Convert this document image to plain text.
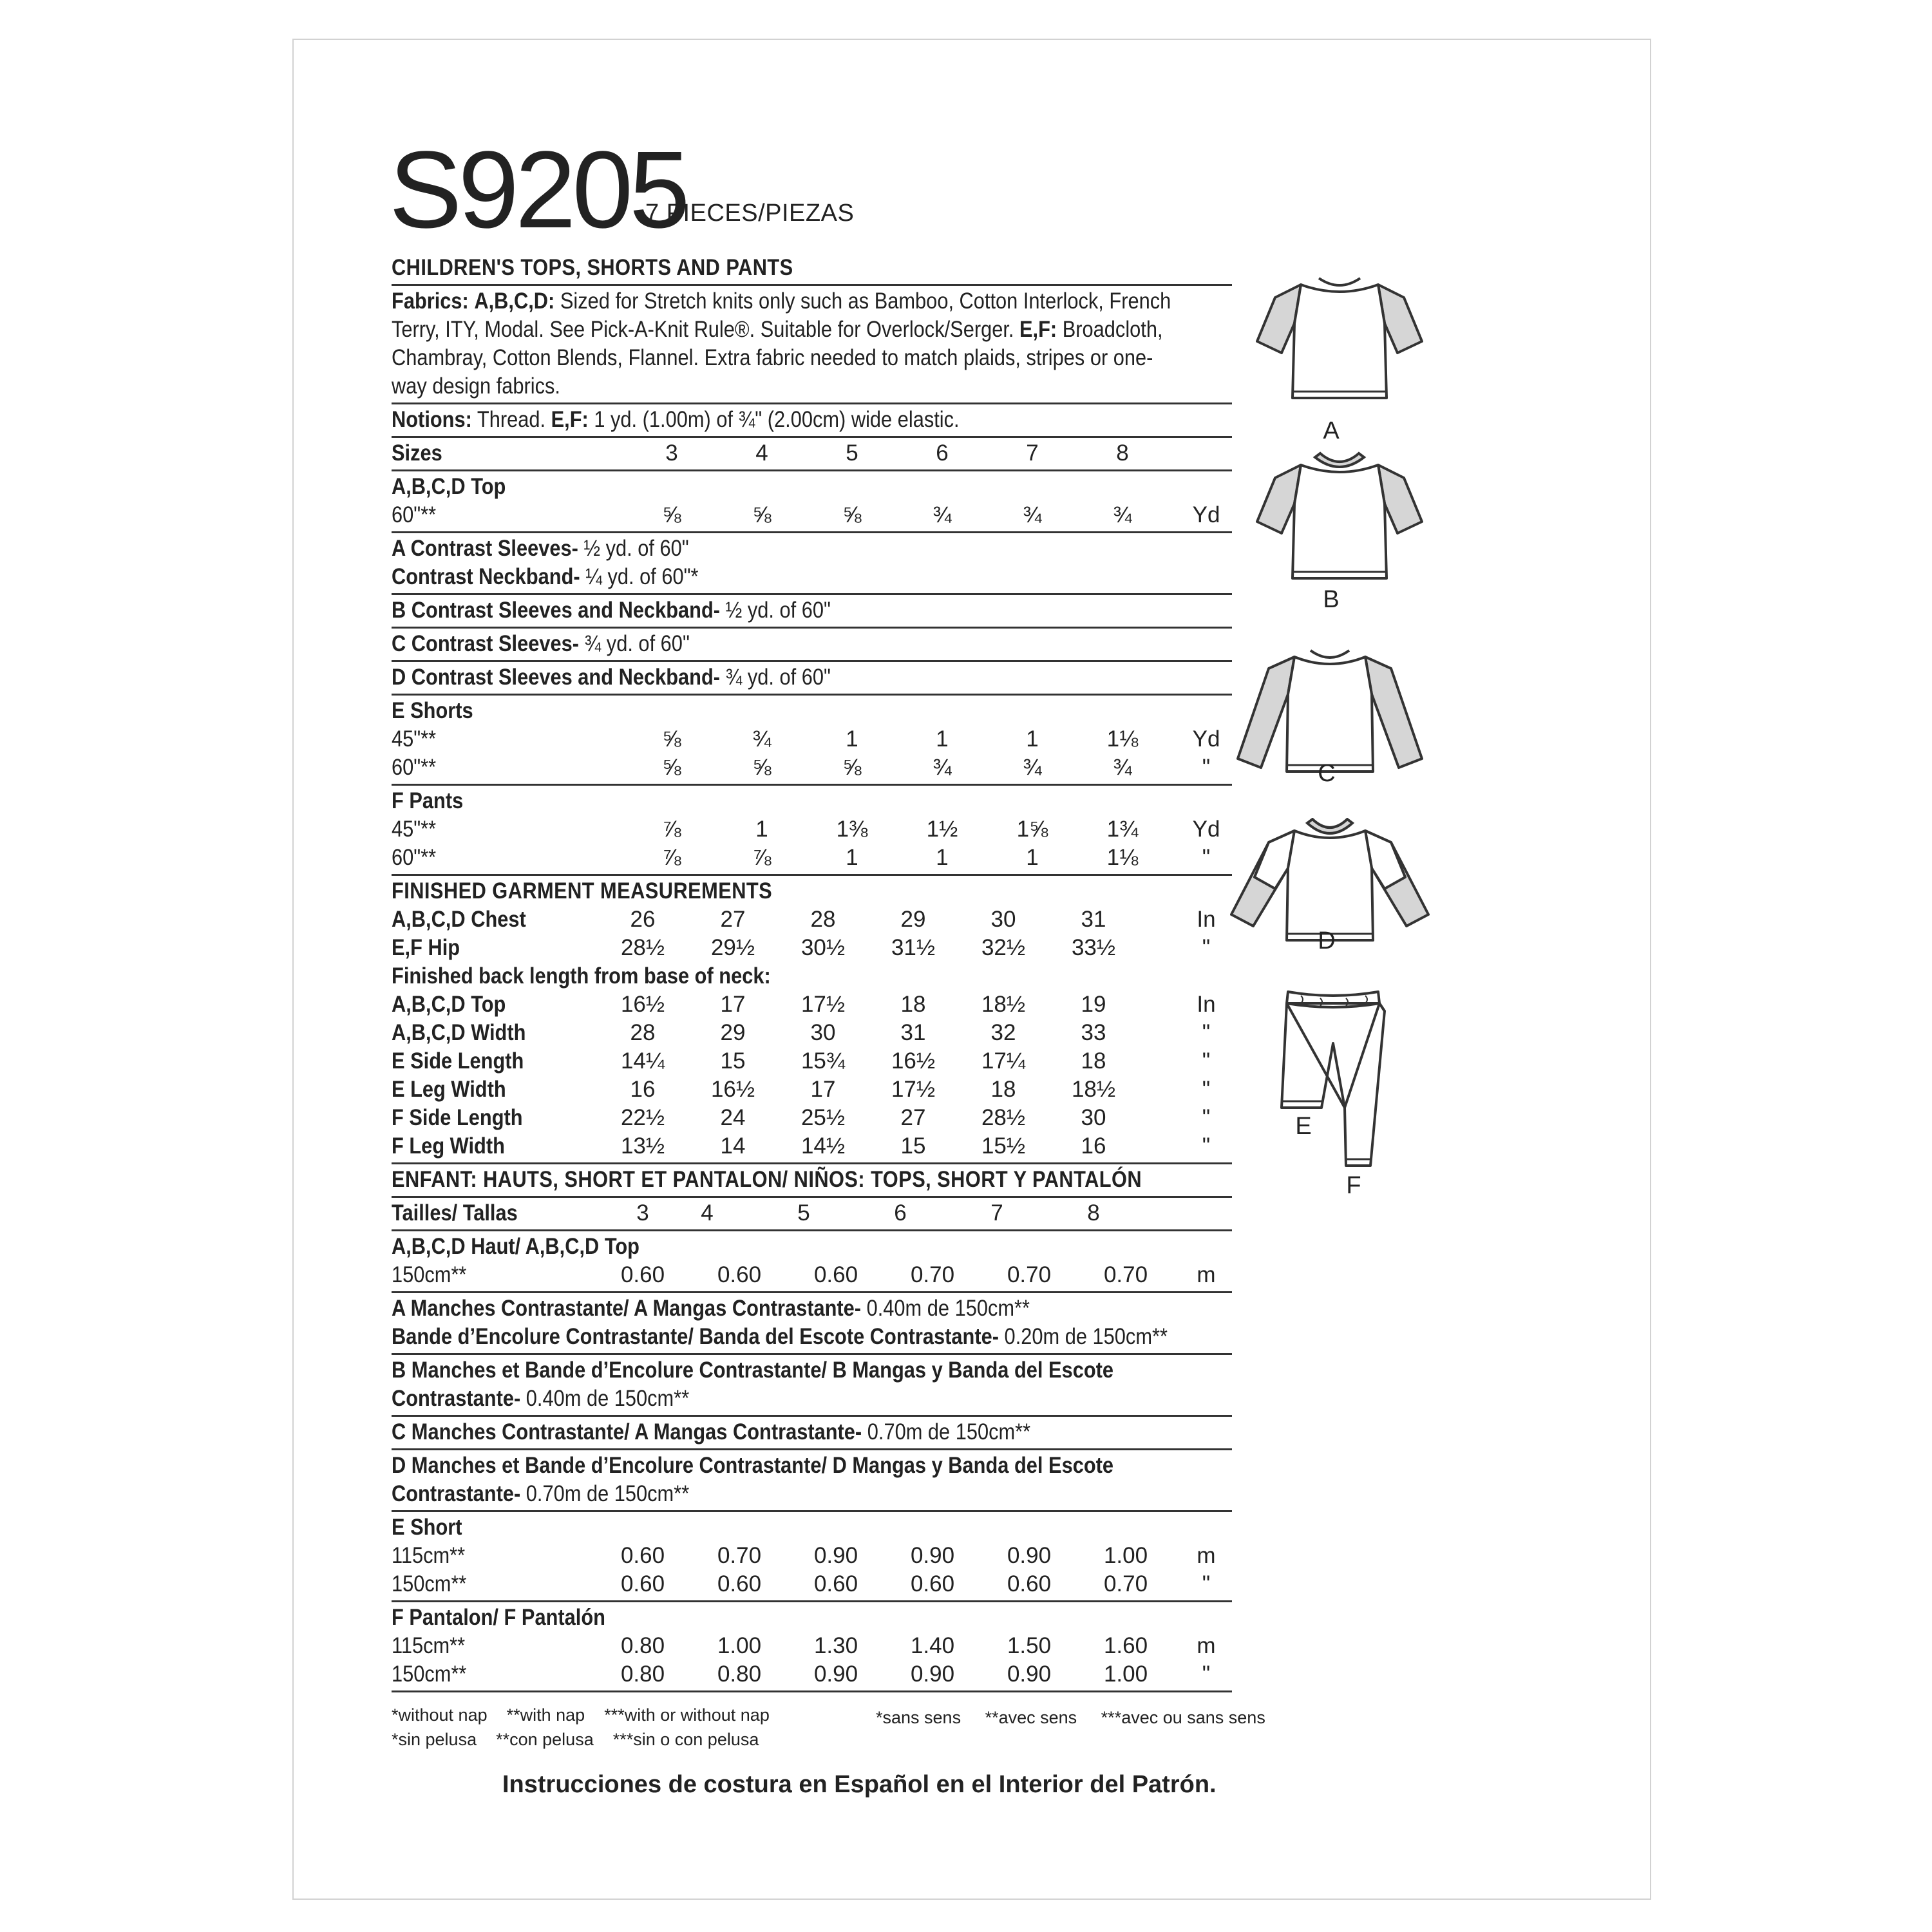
S9205
7 PIECES/PIEZAS
CHILDREN'S TOPS, SHORTS AND PANTS
Fabrics: A,B,C,D: Sized for Stretch knits only such as Bamboo, Cotton Interlock, French
Terry, ITY, Modal. See Pick-A-Knit Rule®. Suitable for Overlock/Serger. E,F: Broadcloth,
Chambray, Cotton Blends, Flannel. Extra fabric needed to match plaids, stripes or one-
way design fabrics.
Notions: Thread. E,F: 1 yd. (1.00m) of ¾" (2.00cm) wide elastic.
Sizes	3	4	5	6	7	8
A,B,C,D Top
60"**	⅝	⅝	⅝	¾	¾	¾	Yd
A Contrast Sleeves- ½ yd. of 60"
Contrast Neckband- ¼ yd. of 60"*
B Contrast Sleeves and Neckband- ½ yd. of 60"
C Contrast Sleeves- ¾ yd. of 60"
D Contrast Sleeves and Neckband- ¾ yd. of 60"
E Shorts
45"**	⅝	¾	1	1	1	1⅛	Yd
60"**	⅝	⅝	⅝	¾	¾	¾	"
F Pants
45"**	⅞	1	1⅜	1½	1⅝	1¾	Yd
60"**	⅞	⅞	1	1	1	1⅛	"
FINISHED GARMENT MEASUREMENTS
A,B,C,D Chest	26	27	28	29	30	31	In
E,F Hip	28½	29½	30½	31½	32½	33½	"
Finished back length from base of neck:
A,B,C,D Top	16½	17	17½	18	18½	19	In
A,B,C,D Width	28	29	30	31	32	33	"
E Side Length	14¼	15	15¾	16½	17¼	18	"
E Leg Width	16	16½	17	17½	18	18½	"
F Side Length	22½	24	25½	27	28½	30	"
F Leg Width	13½	14	14½	15	15½	16	"
ENFANT: HAUTS, SHORT ET PANTALON/ NIÑOS: TOPS, SHORT Y PANTALÓN
Tailles/ Tallas	3	4	5	6	7	8
A,B,C,D Haut/ A,B,C,D Top
150cm**	0.60	0.60	0.60	0.70	0.70	0.70	m
A Manches Contrastante/ A Mangas Contrastante- 0.40m de 150cm**
Bande d’Encolure Contrastante/ Banda del Escote Contrastante- 0.20m de 150cm**
B Manches et Bande d’Encolure Contrastante/ B Mangas y Banda del Escote
Contrastante- 0.40m de 150cm**
C Manches Contrastante/ A Mangas Contrastante- 0.70m de 150cm**
D Manches et Bande d’Encolure Contrastante/ D Mangas y Banda del Escote
Contrastante- 0.70m de 150cm**
E Short
115cm**	0.60	0.70	0.90	0.90	0.90	1.00	m
150cm**	0.60	0.60	0.60	0.60	0.60	0.70	"
F Pantalon/ F Pantalón
115cm**	0.80	1.00	1.30	1.40	1.50	1.60	m
150cm**	0.80	0.80	0.90	0.90	0.90	1.00	"
*without nap    **with nap    ***with or without nap
*sin pelusa    **con pelusa    ***sin o con pelusa
*sans sens     **avec sens     ***avec ou sans sens
Instrucciones de costura en Español en el Interior del Patrón.
A
B
C
D
E
F
